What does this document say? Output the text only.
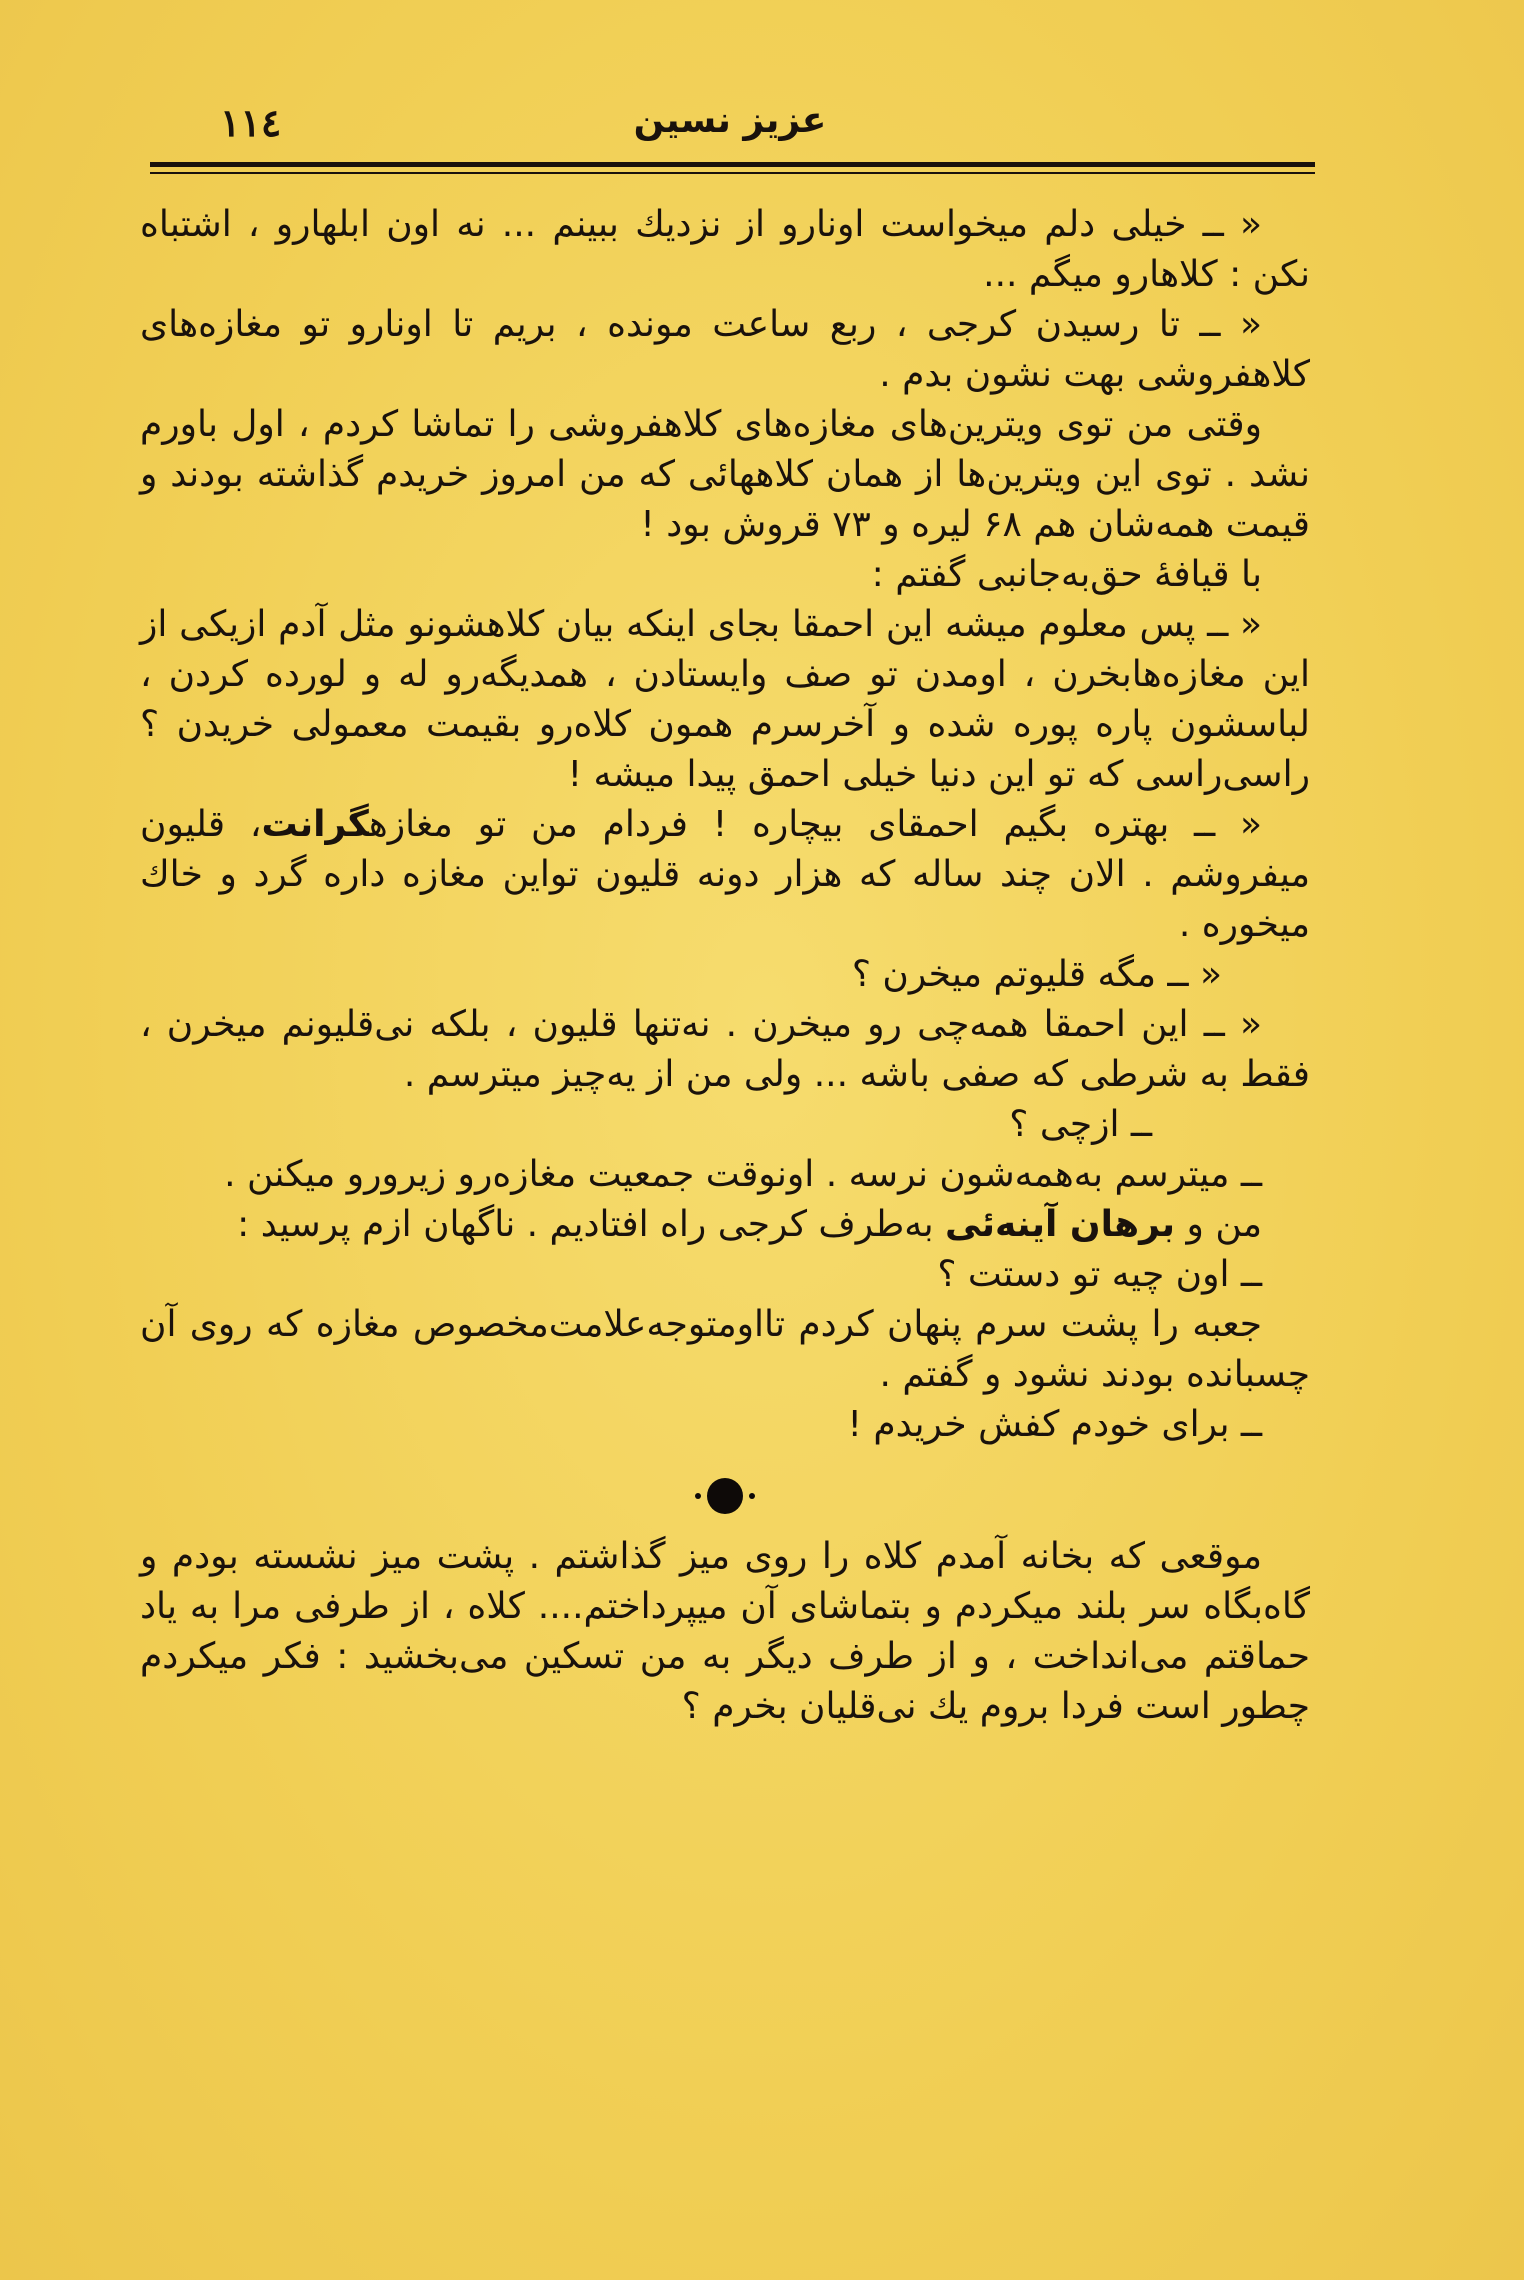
١١٤	عزیز نسین

« ــ خیلی دلم میخواست اونارو از نزدیك ببینم ... نه اون ابلهارو ، اشتباه نکن : کلاهارو میگم ...

« ــ تا رسیدن کرجی ، ربع ساعت مونده ، بریم تا اونارو تو مغازه‌های کلاهفروشی بهت نشون بدم .

وقتی من توی ویترین‌های مغازه‌های کلاهفروشی را تماشا کردم ، اول باورم نشد . توی این ویترین‌ها از همان کلاههائی که من امروز خریدم گذاشته بودند و قیمت همه‌شان هم ۶۸ لیره و ۷۳ قروش بود !

با قیافهٔ حق‌به‌جانبی گفتم :

« ــ پس معلوم میشه این احمقا بجای اینکه بیان کلاهشونو مثل آدم ازیکی از این مغازه‌هابخرن ، اومدن تو صف وایستادن ، همدیگه‌رو له و لورده کردن ، لباسشون پاره پوره شده و آخرسرم همون کلاه‌رو بقیمت معمولی خریدن ؟ راسی‌راسی که تو این دنیا خیلی احمق پیدا میشه !

« ــ بهتره بگیم احمقای بیچاره ! فردام من تو مغازهگرانت، قلیون میفروشم . الان چند ساله که هزار دونه قلیون تواین مغازه داره گرد و خاك میخوره .

« ــ مگه قلیوتم میخرن ؟

« ــ این احمقا همه‌چی رو میخرن . نه‌تنها قلیون ، بلکه نی‌قلیونم میخرن ، فقط به شرطی که صفی باشه ... ولی من از یه‌چیز میترسم .

ــ ازچی ؟

ــ میترسم به‌همه‌شون نرسه . اونوقت جمعیت مغازه‌رو زیرورو میکنن .

من و برهان آینه‌ئی به‌طرف کرجی راه افتادیم . ناگهان ازم پرسید :

ــ اون چیه تو دستت ؟

جعبه را پشت سرم پنهان کردم تااومتوجه‌علامت‌مخصوص مغازه که روی آن چسبانده بودند نشود و گفتم .

ــ برای خودم کفش خریدم !

موقعی که بخانه آمدم کلاه را روی میز گذاشتم . پشت میز نشسته بودم و گاه‌بگاه سر بلند میکردم و بتماشای آن میپرداختم.... کلاه ، از طرفی مرا به یاد حماقتم می‌انداخت ، و از طرف دیگر به من تسکین می‌بخشید : فکر میکردم چطور است فردا بروم یك نی‌قلیان بخرم ؟
